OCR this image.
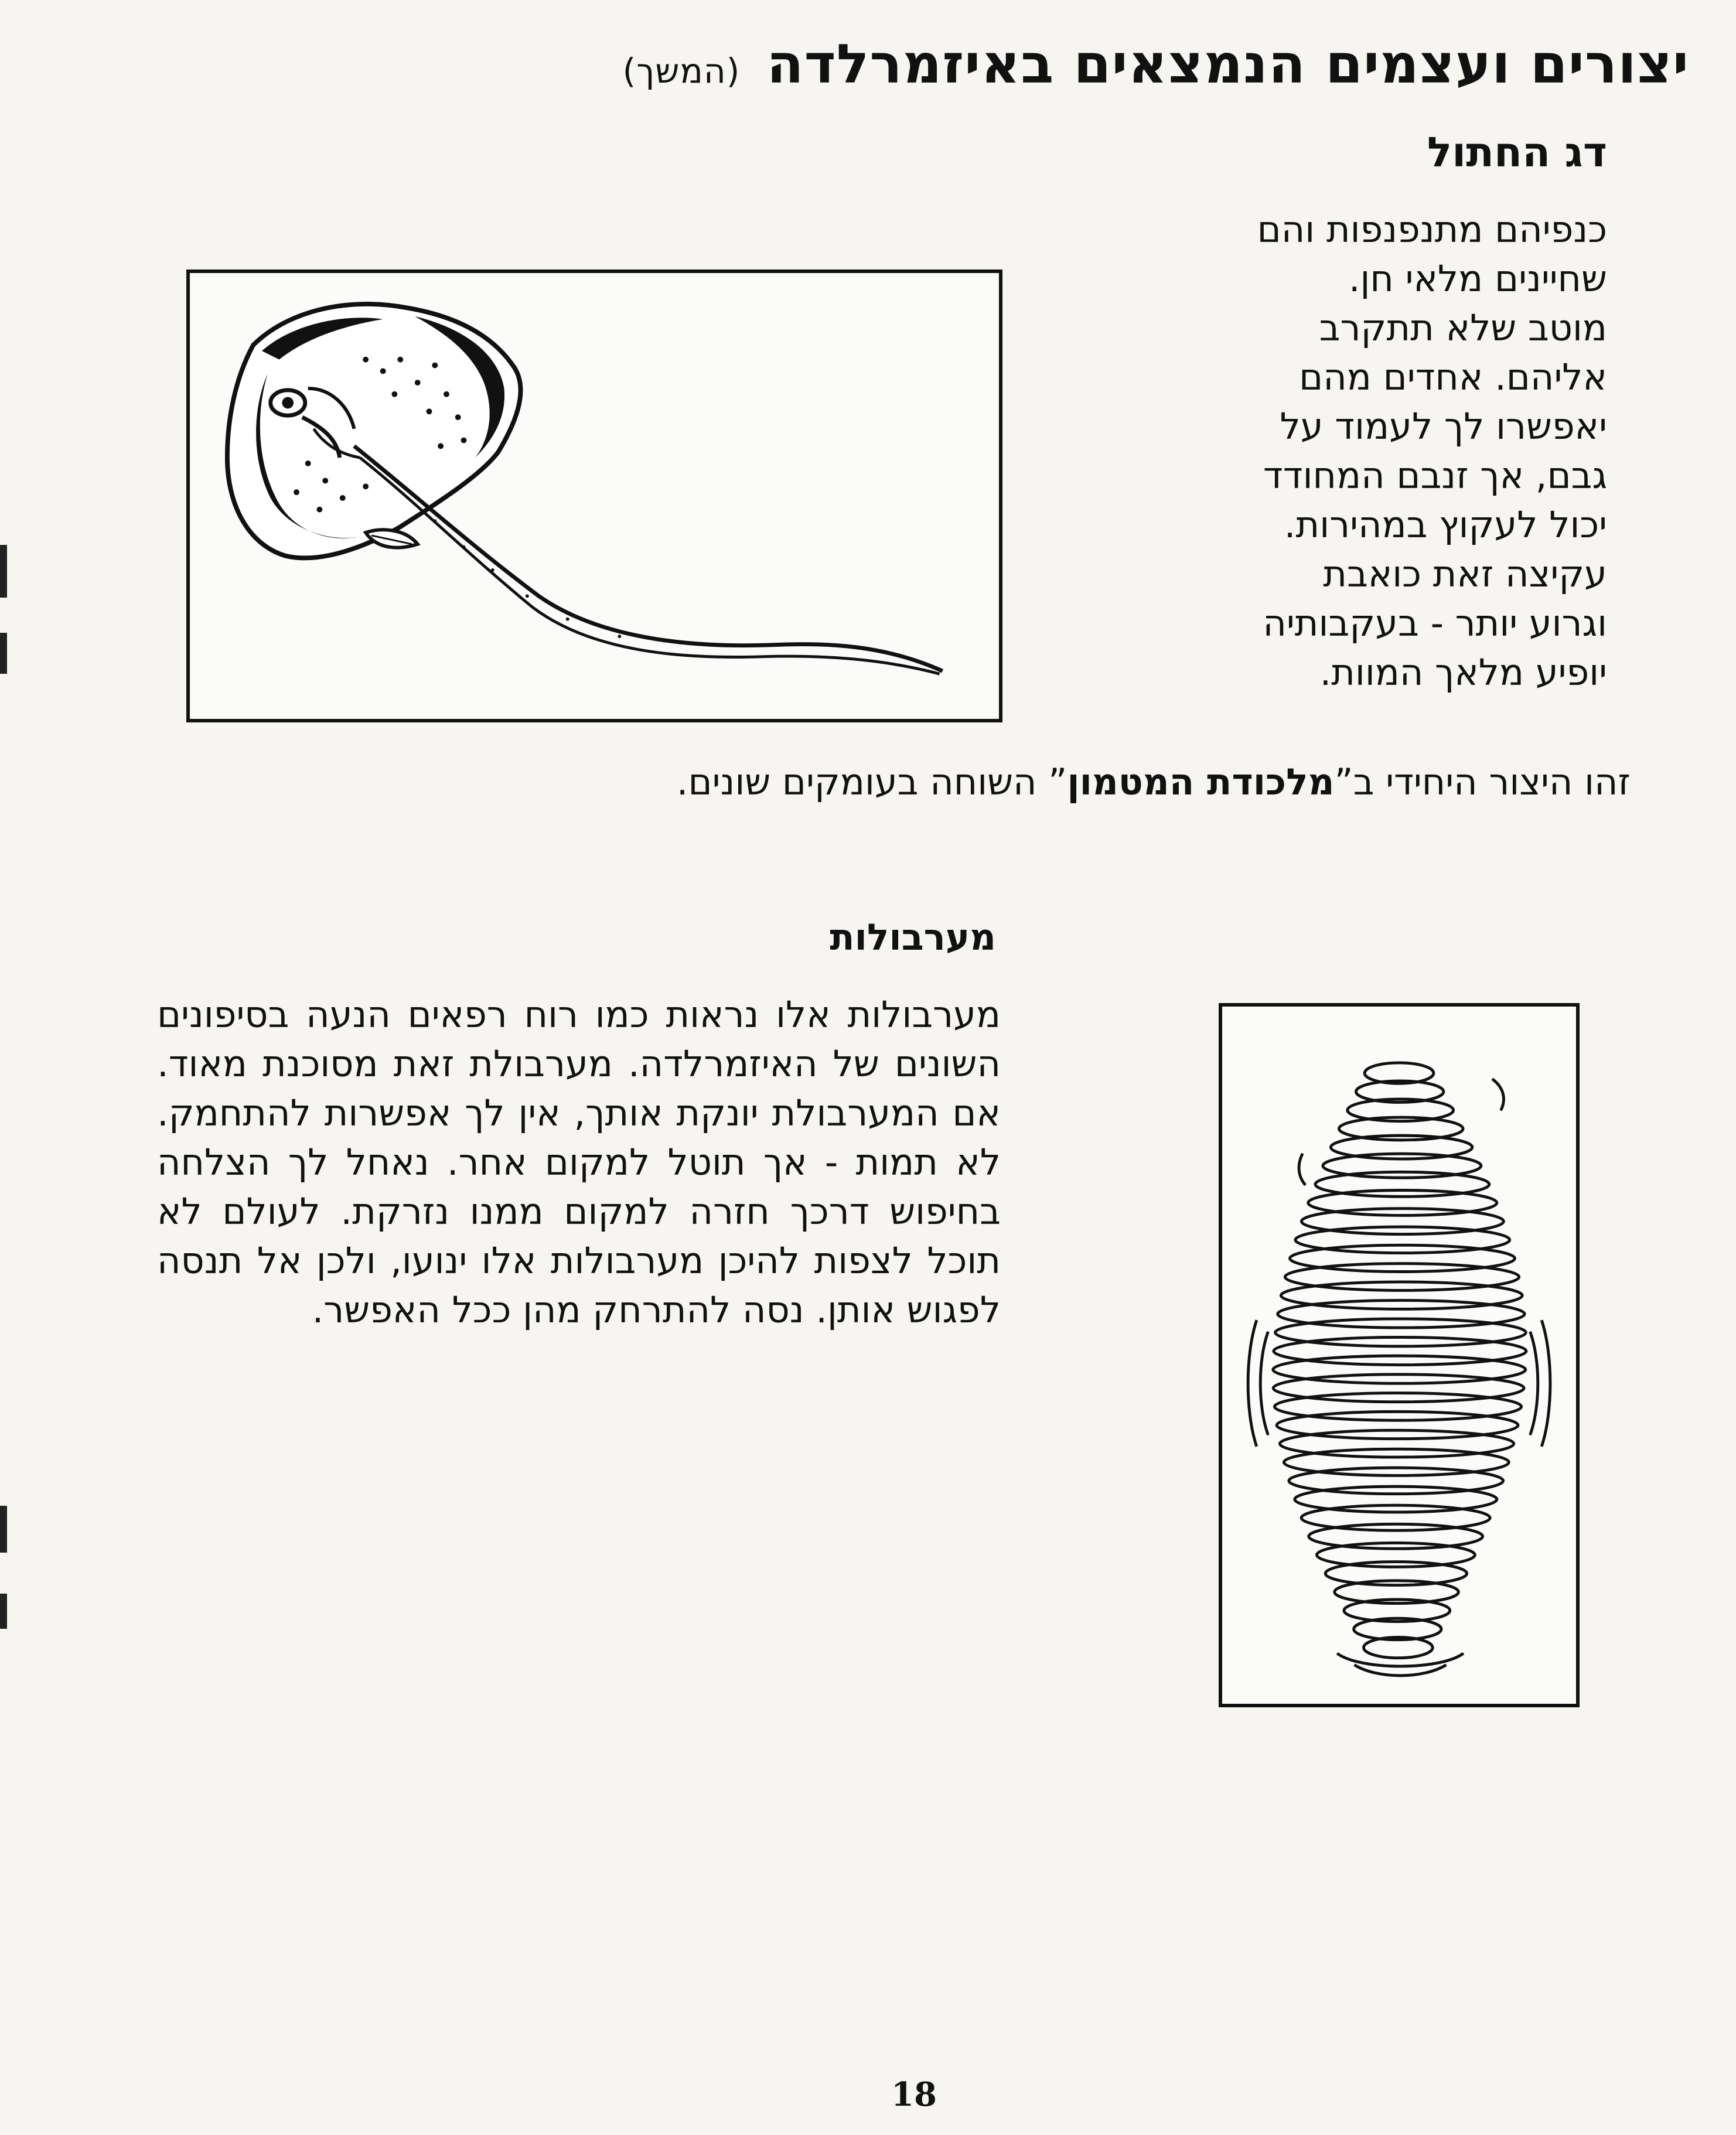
יצורים ועצמים הנמצאים באיזמרלדה (המשך)
דג החתול
כנפיהם מתנפנפות והם
שחיינים מלאי חן.
מוטב שלא תתקרב
אליהם. אחדים מהם
יאפשרו לך לעמוד על
גבם, אך זנבם המחודד
יכול לעקוץ במהירות.
עקיצה זאת כואבת
וגרוע יותר - בעקבותיה
יופיע מלאך המוות.
זהו היצור היחידי ב”מלכודת המטמון” השוחה בעומקים שונים.
מערבולות
מערבולות אלו נראות כמו רוח רפאים הנעה בסיפונים השונים של האיזמרלדה. מערבולת זאת מסוכנת מאוד. אם המערבולת יונקת אותך, אין לך אפשרות להתחמק. לא תמות - אך תוטל למקום אחר. נאחל לך הצלחה בחיפוש דרכך חזרה למקום ממנו נזרקת. לעולם לא תוכל לצפות להיכן מערבולות אלו ינועו, ולכן אל תנסה לפגוש אותן. נסה להתרחק מהן ככל האפשר.
18
